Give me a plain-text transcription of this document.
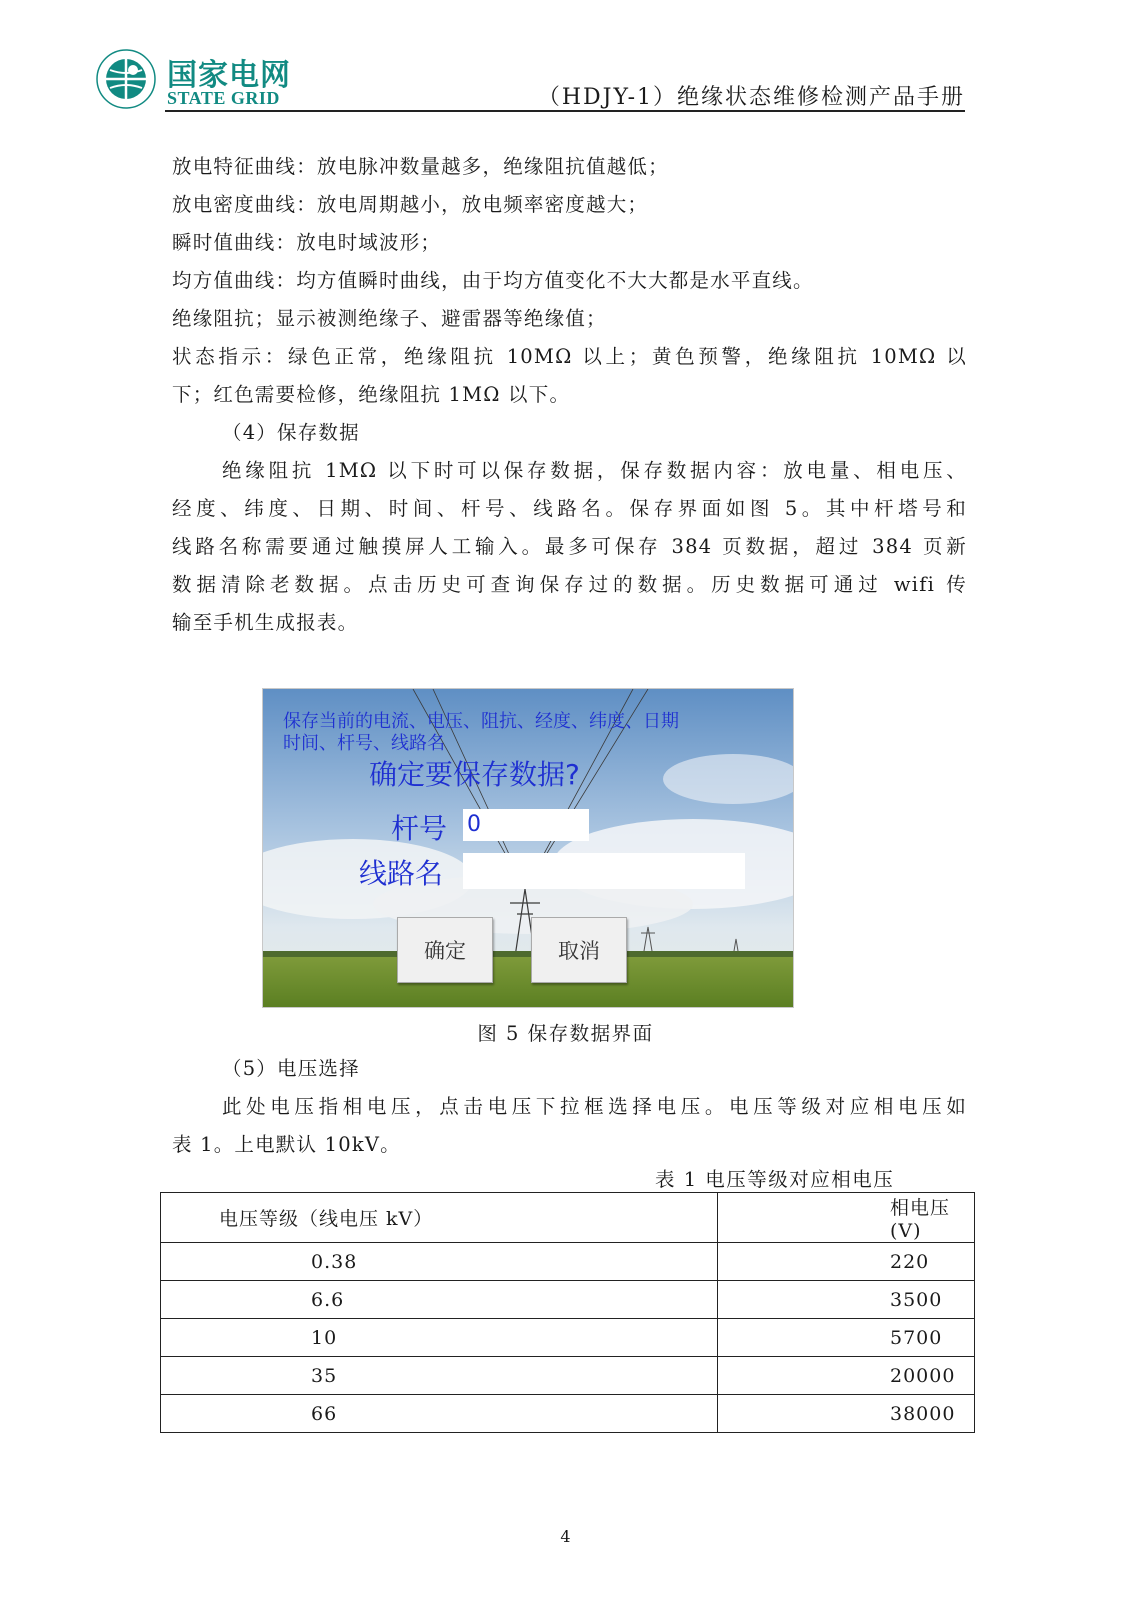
国家电网
STATE GRID	（HDJY-1）绝缘状态维修检测产品手册
放电特征曲线：放电脉冲数量越多，绝缘阻抗值越低；
放电密度曲线：放电周期越小，放电频率密度越大；
瞬时值曲线：放电时域波形；
均方值曲线：均方值瞬时曲线，由于均方值变化不大大都是水平直线。
绝缘阻抗；显示被测绝缘子、避雷器等绝缘值；
状态指示：绿色正常，绝缘阻抗 10MΩ 以上；黄色预警，绝缘阻抗 10MΩ 以
下；红色需要检修，绝缘阻抗 1MΩ 以下。
（4）保存数据
绝缘阻抗 1MΩ 以下时可以保存数据，保存数据内容：放电量、相电压、
经度、纬度、日期、时间、杆号、线路名。保存界面如图 5。其中杆塔号和
线路名称需要通过触摸屏人工输入。最多可保存 384 页数据，超过 384 页新
数据清除老数据。点击历史可查询保存过的数据。历史数据可通过 wifi 传
输至手机生成报表。
保存当前的电流、电压、阻抗、经度、纬度、日期
时间、杆号、线路名
确定要保存数据?
杆号 0
线路名
确定	取消
图 5 保存数据界面
（5）电压选择
此处电压指相电压，点击电压下拉框选择电压。电压等级对应相电压如
表 1。上电默认 10kV。
表 1 电压等级对应相电压
电压等级（线电压 kV）	相电压(V)
0.38	220
6.6	3500
10	5700
35	20000
66	38000
4
